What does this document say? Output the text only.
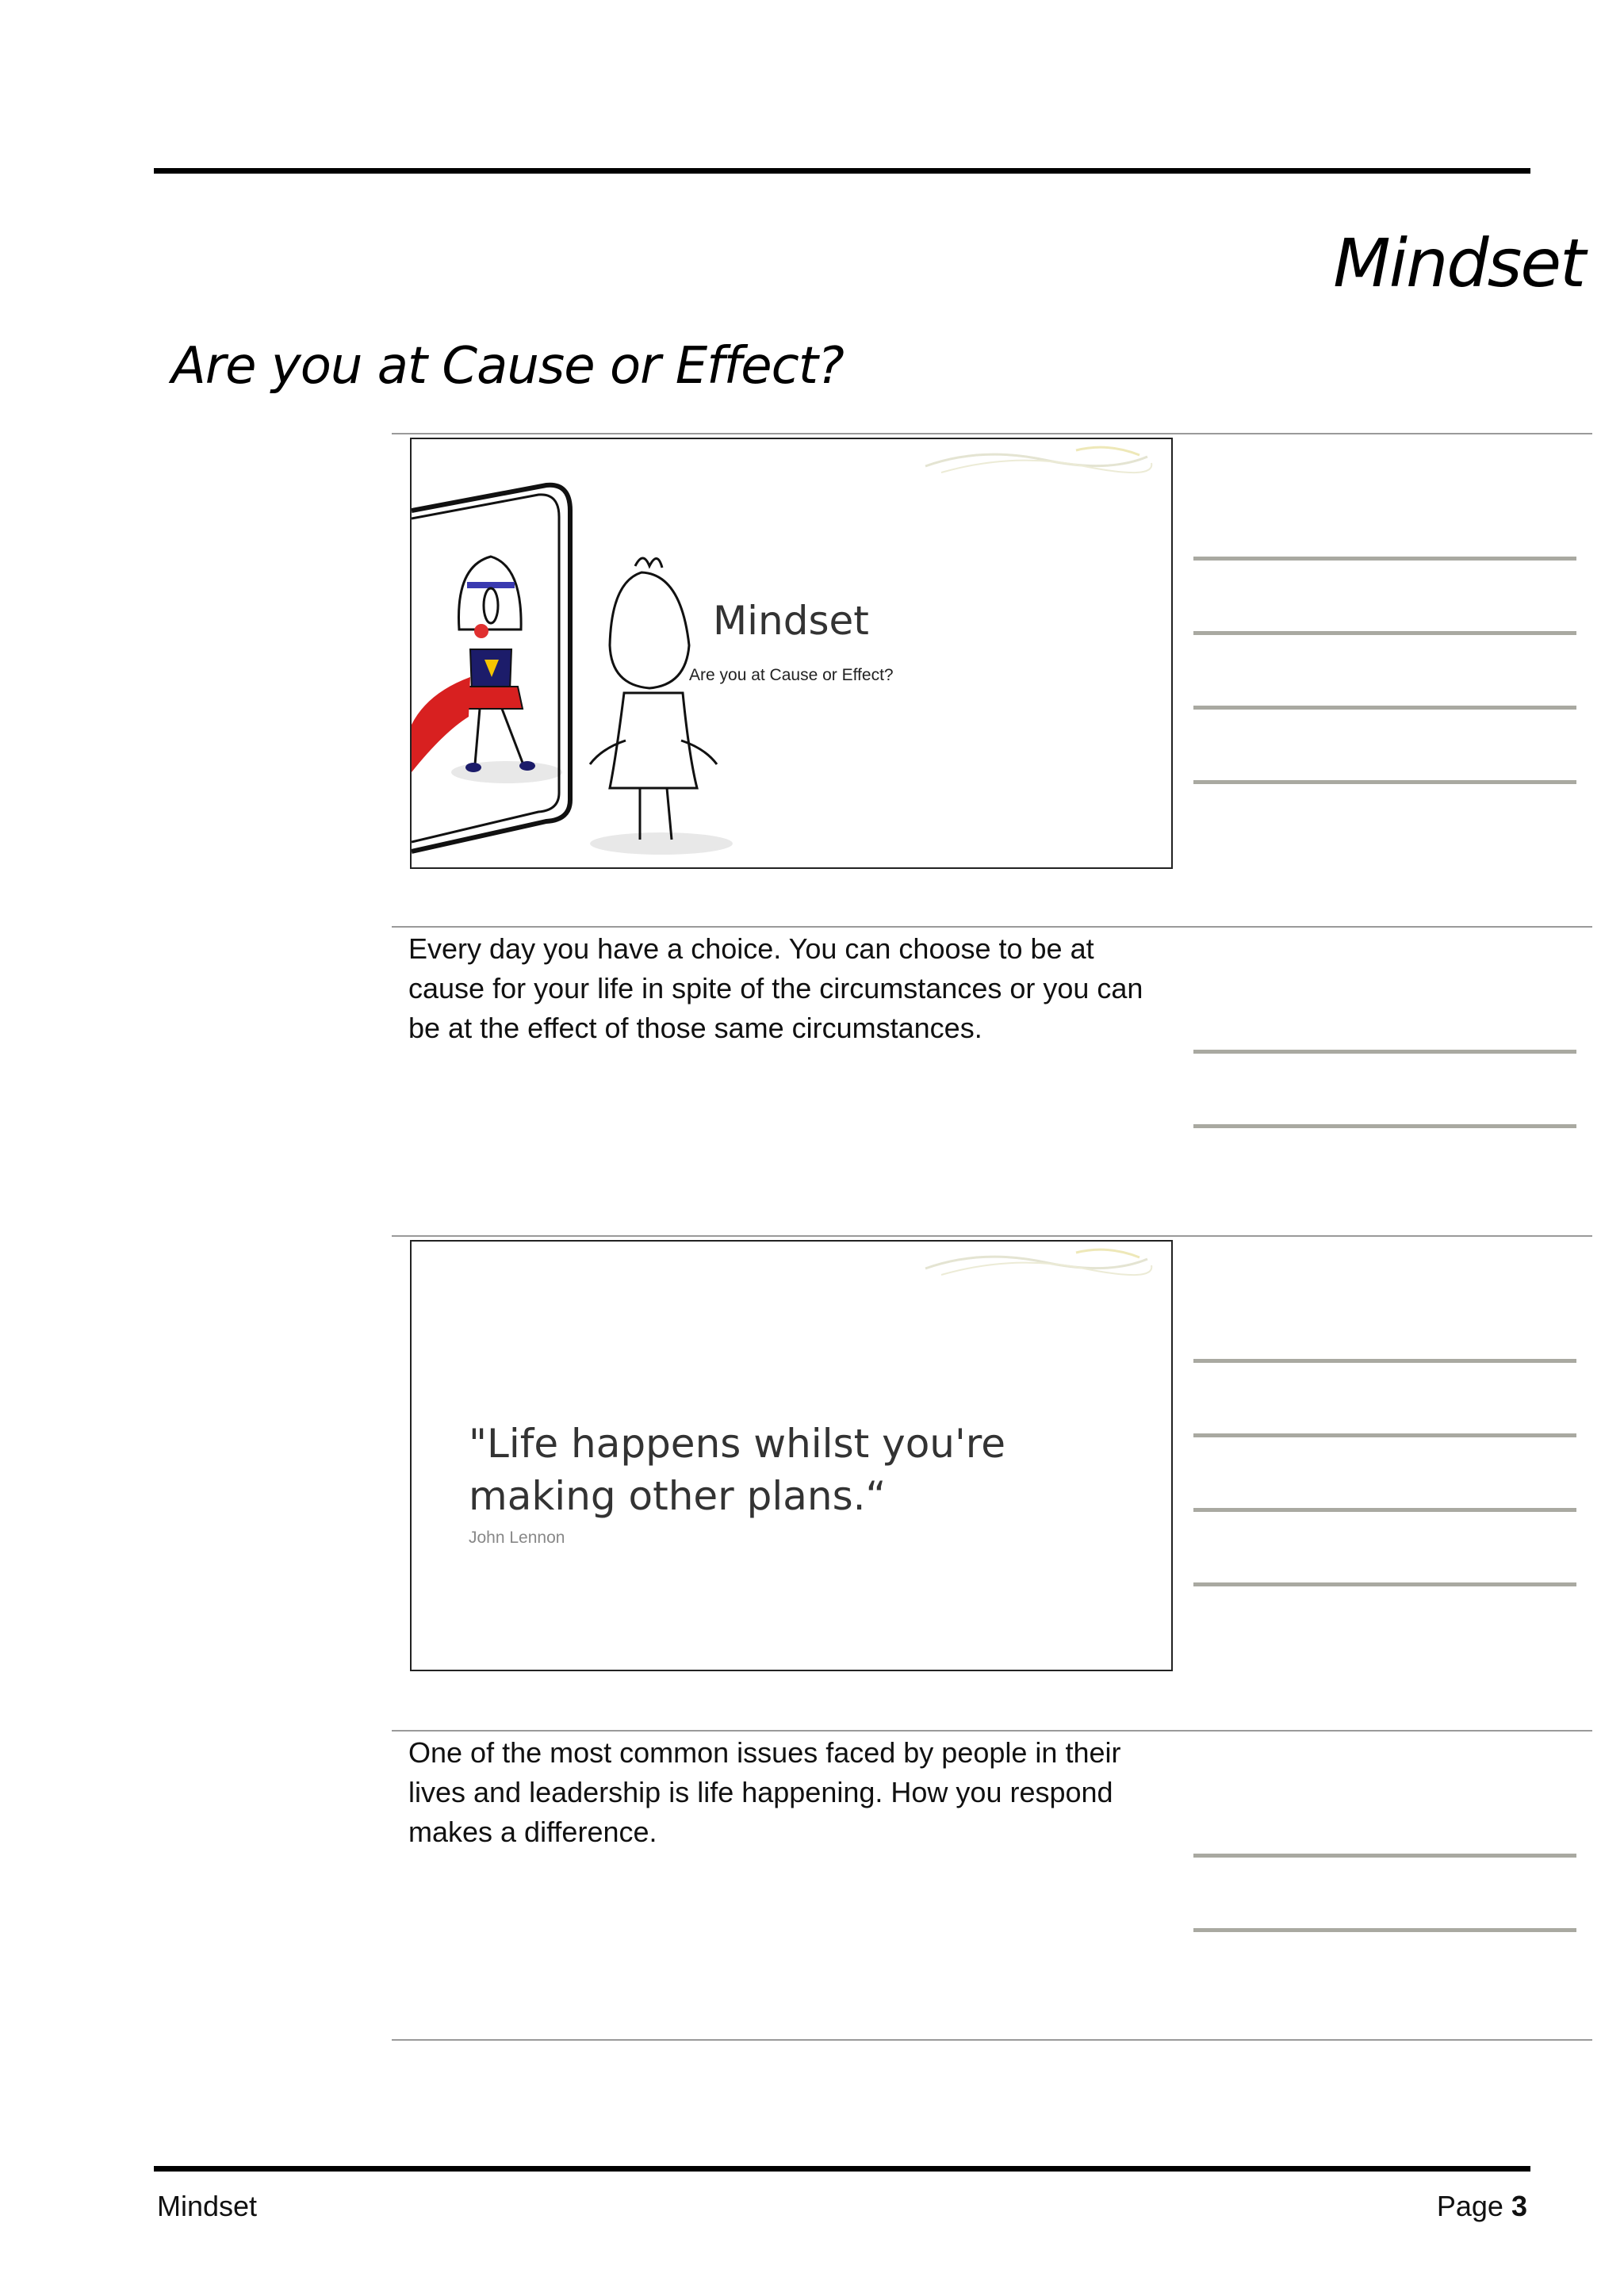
Mindset
Are you at Cause or Effect?
Mindset
Are you at Cause or Effect?
Every day you have a choice. You can choose to be at cause for your life in spite of the circumstances or you can be at the effect of those same circumstances.
"Life happens whilst you're making other plans.“
John Lennon
One of the most common issues faced by people in their lives and leadership is life happening. How you respond makes a difference.
Mindset	Page 3
